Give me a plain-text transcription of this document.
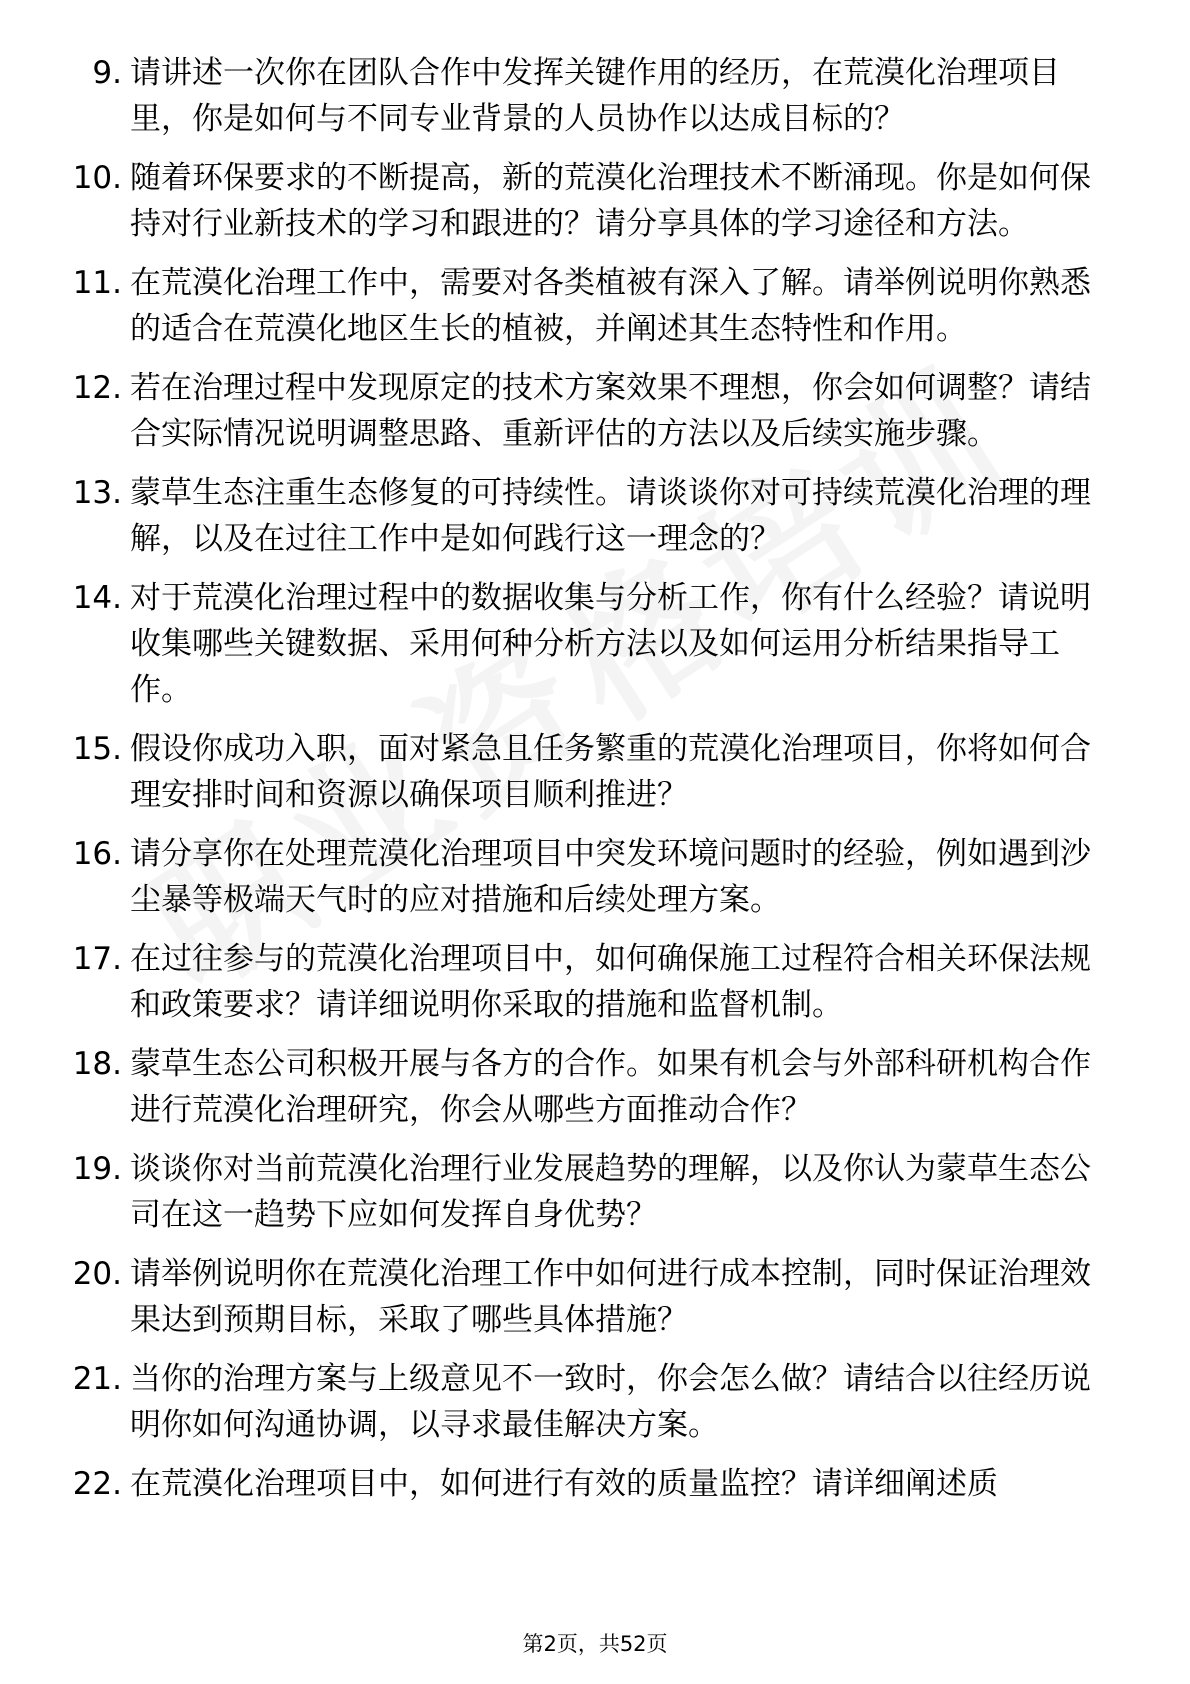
9. 请讲述一次你在团队合作中发挥关键作用的经历，在荒漠化治理项目里，你是如何与不同专业背景的人员协作以达成目标的？
10. 随着环保要求的不断提高，新的荒漠化治理技术不断涌现。你是如何保持对行业新技术的学习和跟进的？请分享具体的学习途径和方法。
11. 在荒漠化治理工作中，需要对各类植被有深入了解。请举例说明你熟悉的适合在荒漠化地区生长的植被，并阐述其生态特性和作用。
12. 若在治理过程中发现原定的技术方案效果不理想，你会如何调整？请结合实际情况说明调整思路、重新评估的方法以及后续实施步骤。
13. 蒙草生态注重生态修复的可持续性。请谈谈你对可持续荒漠化治理的理解，以及在过往工作中是如何践行这一理念的？
14. 对于荒漠化治理过程中的数据收集与分析工作，你有什么经验？请说明收集哪些关键数据、采用何种分析方法以及如何运用分析结果指导工作。
15. 假设你成功入职，面对紧急且任务繁重的荒漠化治理项目，你将如何合理安排时间和资源以确保项目顺利推进？
16. 请分享你在处理荒漠化治理项目中突发环境问题时的经验，例如遇到沙尘暴等极端天气时的应对措施和后续处理方案。
17. 在过往参与的荒漠化治理项目中，如何确保施工过程符合相关环保法规和政策要求？请详细说明你采取的措施和监督机制。
18. 蒙草生态公司积极开展与各方的合作。如果有机会与外部科研机构合作进行荒漠化治理研究，你会从哪些方面推动合作？
19. 谈谈你对当前荒漠化治理行业发展趋势的理解，以及你认为蒙草生态公司在这一趋势下应如何发挥自身优势？
20. 请举例说明你在荒漠化治理工作中如何进行成本控制，同时保证治理效果达到预期目标，采取了哪些具体措施？
21. 当你的治理方案与上级意见不一致时，你会怎么做？请结合以往经历说明你如何沟通协调，以寻求最佳解决方案。
22. 在荒漠化治理项目中，如何进行有效的质量监控？请详细阐述质
第2页，共52页
